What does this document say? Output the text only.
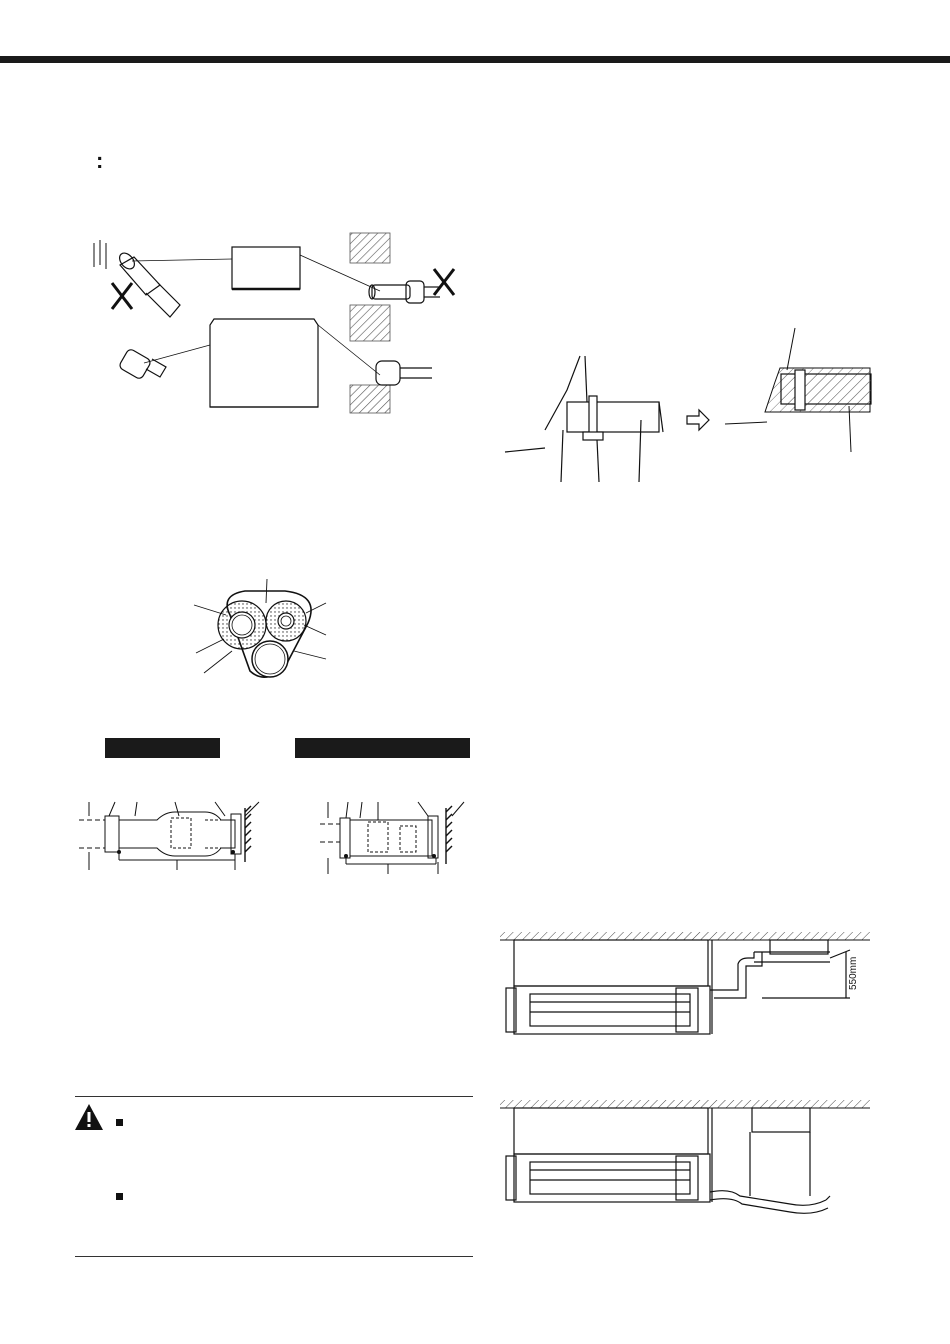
:
550mm
